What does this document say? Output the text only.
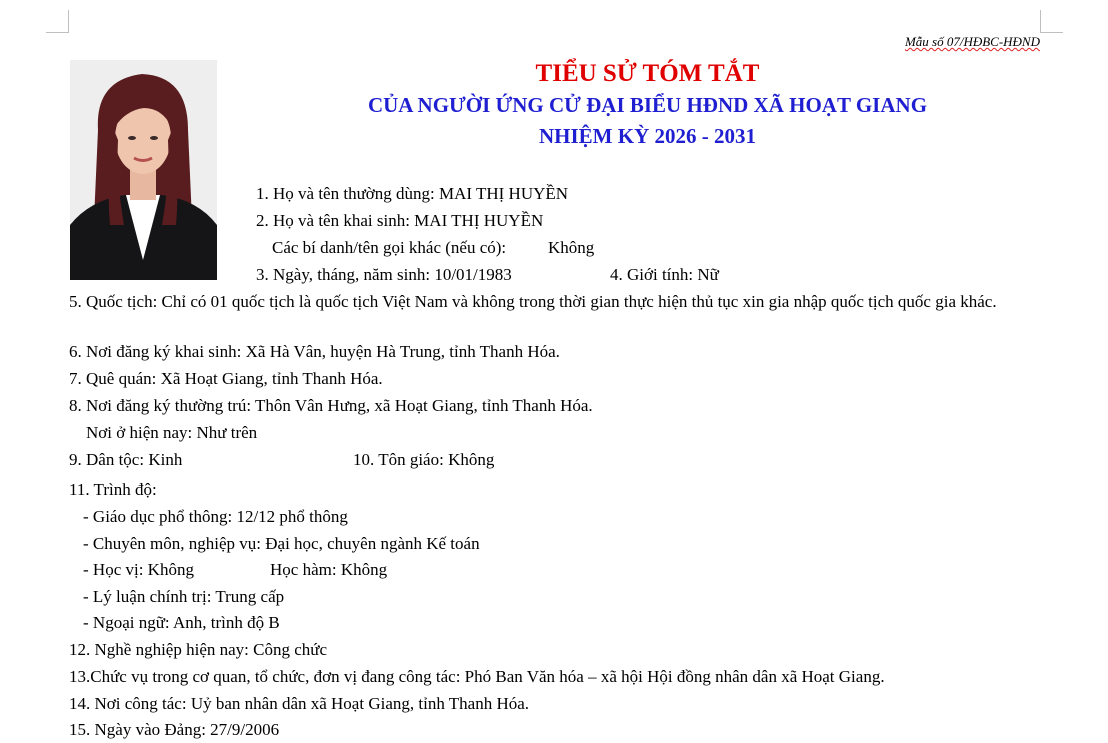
Mẫu số 07/HĐBC-HĐND
TIỂU SỬ TÓM TẮT
CỦA NGƯỜI ỨNG CỬ ĐẠI BIỂU HĐND XÃ HOẠT GIANG
NHIỆM KỲ 2026 - 2031
1. Họ và tên thường dùng: MAI THỊ HUYỀN
2. Họ và tên khai sinh: MAI THỊ HUYỀN
Các bí danh/tên gọi khác (nếu có): Không
3. Ngày, tháng, năm sinh: 10/01/1983	4. Giới tính: Nữ
5. Quốc tịch: Chỉ có 01 quốc tịch là quốc tịch Việt Nam và không trong thời gian thực hiện thủ tục xin gia nhập quốc tịch quốc gia khác.
6. Nơi đăng ký khai sinh: Xã Hà Vân, huyện Hà Trung, tỉnh Thanh Hóa.
7. Quê quán: Xã Hoạt Giang, tỉnh Thanh Hóa.
8. Nơi đăng ký thường trú: Thôn Vân Hưng, xã Hoạt Giang, tỉnh Thanh Hóa.
Nơi ở hiện nay: Như trên
9. Dân tộc: Kinh	10. Tôn giáo: Không
11. Trình độ:
- Giáo dục phổ thông: 12/12 phổ thông
- Chuyên môn, nghiệp vụ: Đại học, chuyên ngành Kế toán
- Học vị: Không	Học hàm: Không
- Lý luận chính trị: Trung cấp
- Ngoại ngữ: Anh, trình độ B
12. Nghề nghiệp hiện nay: Công chức
13.Chức vụ trong cơ quan, tổ chức, đơn vị đang công tác: Phó Ban Văn hóa – xã hội Hội đồng nhân dân xã Hoạt Giang.
14. Nơi công tác: Uỷ ban nhân dân xã Hoạt Giang, tỉnh Thanh Hóa.
15. Ngày vào Đảng: 27/9/2006
